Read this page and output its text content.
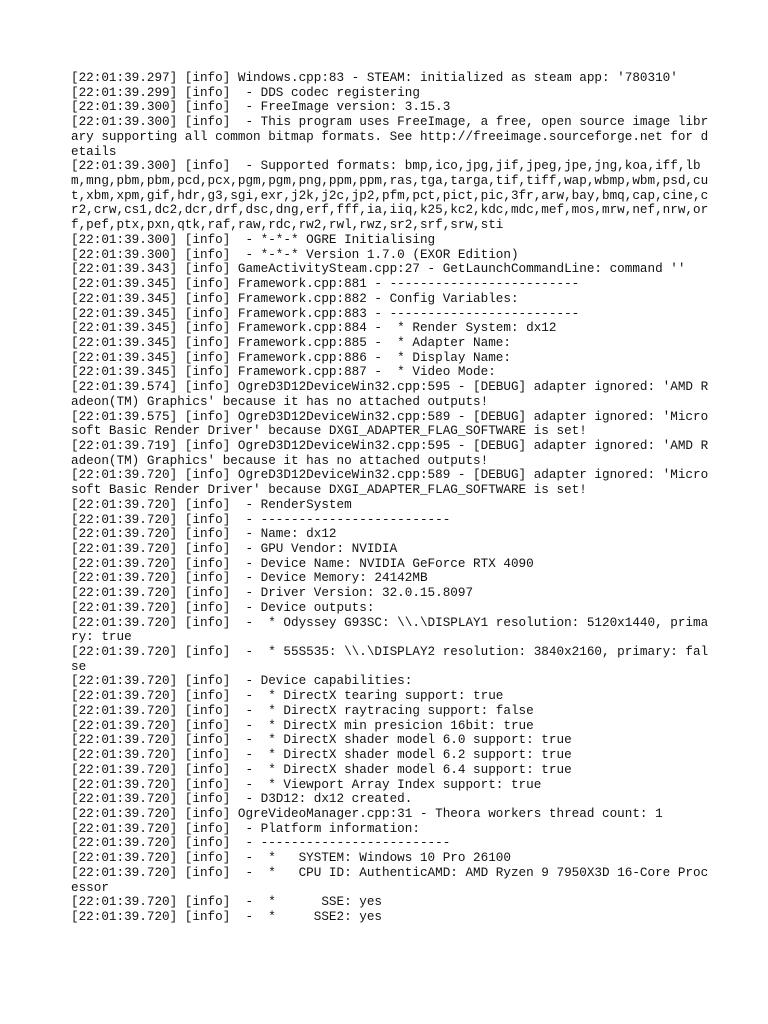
[22:01:39.297] [info] Windows.cpp:83 - STEAM: initialized as steam app: '780310'
[22:01:39.299] [info]  - DDS codec registering
[22:01:39.300] [info]  - FreeImage version: 3.15.3
[22:01:39.300] [info]  - This program uses FreeImage, a free, open source image library supporting all common bitmap formats. See http://freeimage.sourceforge.net for details
[22:01:39.300] [info]  - Supported formats: bmp,ico,jpg,jif,jpeg,jpe,jng,koa,iff,lbm,mng,pbm,pbm,pcd,pcx,pgm,pgm,png,ppm,ppm,ras,tga,targa,tif,tiff,wap,wbmp,wbm,psd,cut,xbm,xpm,gif,hdr,g3,sgi,exr,j2k,j2c,jp2,pfm,pct,pict,pic,3fr,arw,bay,bmq,cap,cine,cr2,crw,cs1,dc2,dcr,drf,dsc,dng,erf,fff,ia,iiq,k25,kc2,kdc,mdc,mef,mos,mrw,nef,nrw,orf,pef,ptx,pxn,qtk,raf,raw,rdc,rw2,rwl,rwz,sr2,srf,srw,sti
[22:01:39.300] [info]  - *-*-* OGRE Initialising
[22:01:39.300] [info]  - *-*-* Version 1.7.0 (EXOR Edition)
[22:01:39.343] [info] GameActivitySteam.cpp:27 - GetLaunchCommandLine: command ''
[22:01:39.345] [info] Framework.cpp:881 - -------------------------
[22:01:39.345] [info] Framework.cpp:882 - Config Variables:
[22:01:39.345] [info] Framework.cpp:883 - -------------------------
[22:01:39.345] [info] Framework.cpp:884 -  * Render System: dx12
[22:01:39.345] [info] Framework.cpp:885 -  * Adapter Name:
[22:01:39.345] [info] Framework.cpp:886 -  * Display Name:
[22:01:39.345] [info] Framework.cpp:887 -  * Video Mode:
[22:01:39.574] [info] OgreD3D12DeviceWin32.cpp:595 - [DEBUG] adapter ignored: 'AMD Radeon(TM) Graphics' because it has no attached outputs!
[22:01:39.575] [info] OgreD3D12DeviceWin32.cpp:589 - [DEBUG] adapter ignored: 'Microsoft Basic Render Driver' because DXGI_ADAPTER_FLAG_SOFTWARE is set!
[22:01:39.719] [info] OgreD3D12DeviceWin32.cpp:595 - [DEBUG] adapter ignored: 'AMD Radeon(TM) Graphics' because it has no attached outputs!
[22:01:39.720] [info] OgreD3D12DeviceWin32.cpp:589 - [DEBUG] adapter ignored: 'Microsoft Basic Render Driver' because DXGI_ADAPTER_FLAG_SOFTWARE is set!
[22:01:39.720] [info]  - RenderSystem
[22:01:39.720] [info]  - -------------------------
[22:01:39.720] [info]  - Name: dx12
[22:01:39.720] [info]  - GPU Vendor: NVIDIA
[22:01:39.720] [info]  - Device Name: NVIDIA GeForce RTX 4090
[22:01:39.720] [info]  - Device Memory: 24142MB
[22:01:39.720] [info]  - Driver Version: 32.0.15.8097
[22:01:39.720] [info]  - Device outputs:
[22:01:39.720] [info]  -  * Odyssey G93SC: \\.\DISPLAY1 resolution: 5120x1440, primary: true
[22:01:39.720] [info]  -  * 55S535: \\.\DISPLAY2 resolution: 3840x2160, primary: false
[22:01:39.720] [info]  - Device capabilities:
[22:01:39.720] [info]  -  * DirectX tearing support: true
[22:01:39.720] [info]  -  * DirectX raytracing support: false
[22:01:39.720] [info]  -  * DirectX min presicion 16bit: true
[22:01:39.720] [info]  -  * DirectX shader model 6.0 support: true
[22:01:39.720] [info]  -  * DirectX shader model 6.2 support: true
[22:01:39.720] [info]  -  * DirectX shader model 6.4 support: true
[22:01:39.720] [info]  -  * Viewport Array Index support: true
[22:01:39.720] [info]  - D3D12: dx12 created.
[22:01:39.720] [info] OgreVideoManager.cpp:31 - Theora workers thread count: 1
[22:01:39.720] [info]  - Platform information:
[22:01:39.720] [info]  - -------------------------
[22:01:39.720] [info]  -  *   SYSTEM: Windows 10 Pro 26100
[22:01:39.720] [info]  -  *   CPU ID: AuthenticAMD: AMD Ryzen 9 7950X3D 16-Core Processor
[22:01:39.720] [info]  -  *      SSE: yes
[22:01:39.720] [info]  -  *     SSE2: yes
